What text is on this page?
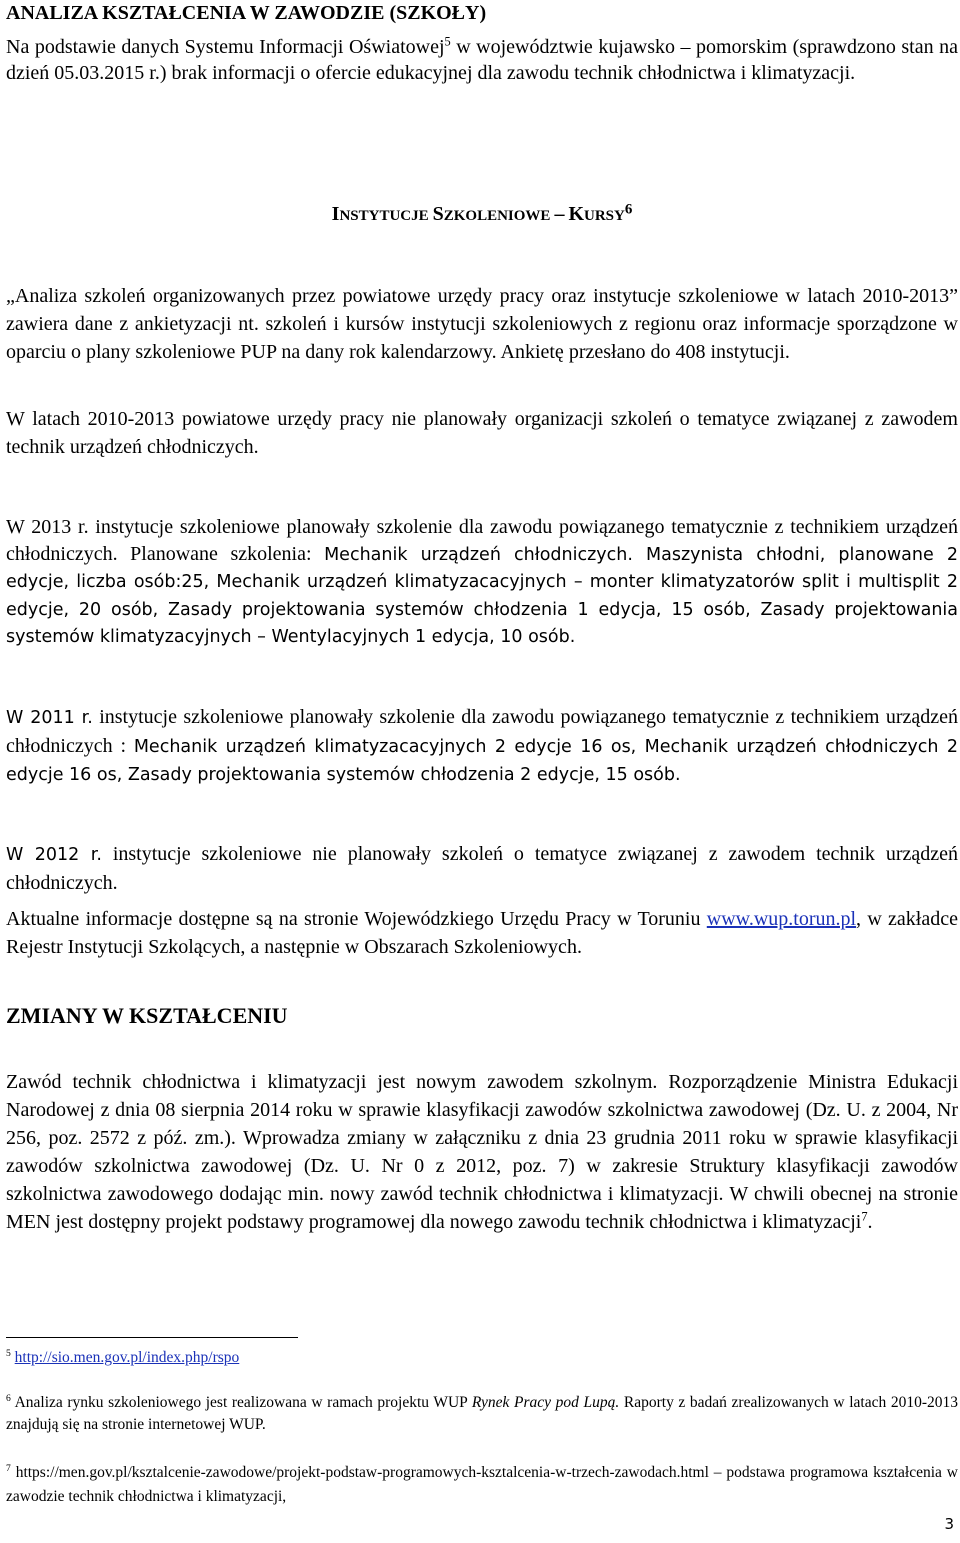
ANALIZA KSZTAŁCENIA W ZAWODZIE (SZKOŁY)

Na podstawie danych Systemu Informacji Oświatowej$^5$ w województwie kujawsko – pomorskim (sprawdzono stan na dzień 05.03.2015 r.) brak informacji o ofercie edukacyjnej dla zawodu technik chłodnictwa i klimatyzacji.

INSTYTUCJE SZKOLENIOWE – KURSY$^6$

„Analiza szkoleń organizowanych przez powiatowe urzędy pracy oraz instytucje szkoleniowe w latach 2010-2013” zawiera dane z ankietyzacji nt. szkoleń i kursów instytucji szkoleniowych z regionu oraz informacje sporządzone w oparciu o plany szkoleniowe PUP na dany rok kalendarzowy. Ankietę przesłano do 408 instytucji.

W latach 2010-2013 powiatowe urzędy pracy nie planowały organizacji szkoleń o tematyce związanej z zawodem technik urządzeń chłodniczych.

W 2013 r. instytucje szkoleniowe planowały szkolenie dla zawodu powiązanego tematycznie z technikiem urządzeń chłodniczych. Planowane szkolenia: Mechanik urządzeń chłodniczych. Maszynista chłodni, planowane 2 edycje, liczba osób:25, Mechanik urządzeń klimatyzacacyjnych – monter klimatyzatorów split i multisplit 2 edycje, 20 osób, Zasady projektowania systemów chłodzenia 1 edycja, 15 osób, Zasady projektowania systemów klimatyzacyjnych – Wentylacyjnych 1 edycja, 10 osób.

W 2011 r. instytucje szkoleniowe planowały szkolenie dla zawodu powiązanego tematycznie z technikiem urządzeń chłodniczych : Mechanik urządzeń klimatyzacacyjnych 2 edycje 16 os, Mechanik urządzeń chłodniczych 2 edycje 16 os, Zasady projektowania systemów chłodzenia 2 edycje, 15 osób.

W 2012 r. instytucje szkoleniowe nie planowały szkoleń o tematyce związanej z zawodem technik urządzeń chłodniczych.

Aktualne informacje dostępne są na stronie Wojewódzkiego Urzędu Pracy w Toruniu www.wup.torun.pl, w zakładce Rejestr Instytucji Szkolących, a następnie w Obszarach Szkoleniowych.

ZMIANY W KSZTAŁCENIU

Zawód technik chłodnictwa i klimatyzacji jest nowym zawodem szkolnym. Rozporządzenie Ministra Edukacji Narodowej z dnia 08 sierpnia 2014 roku w sprawie klasyfikacji zawodów szkolnictwa zawodowej (Dz. U. z 2004, Nr 256, poz. 2572 z póź. zm.). Wprowadza zmiany w załączniku z dnia 23 grudnia 2011 roku w sprawie klasyfikacji zawodów szkolnictwa zawodowej (Dz. U. Nr 0 z 2012, poz. 7) w zakresie Struktury klasyfikacji zawodów szkolnictwa zawodowego dodając min. nowy zawód technik chłodnictwa i klimatyzacji. W chwili obecnej na stronie MEN jest dostępny projekt podstawy programowej dla nowego zawodu technik chłodnictwa i klimatyzacji$^7$.

$^5$ http://sio.men.gov.pl/index.php/rspo

$^6$ Analiza rynku szkoleniowego jest realizowana w ramach projektu WUP Rynek Pracy pod Lupą. Raporty z badań zrealizowanych w latach 2010-2013 znajdują się na stronie internetowej WUP.

$^7$ https://men.gov.pl/ksztalcenie-zawodowe/projekt-podstaw-programowych-ksztalcenia-w-trzech-zawodach.html – podstawa programowa kształcenia w zawodzie technik chłodnictwa i klimatyzacji,

3
